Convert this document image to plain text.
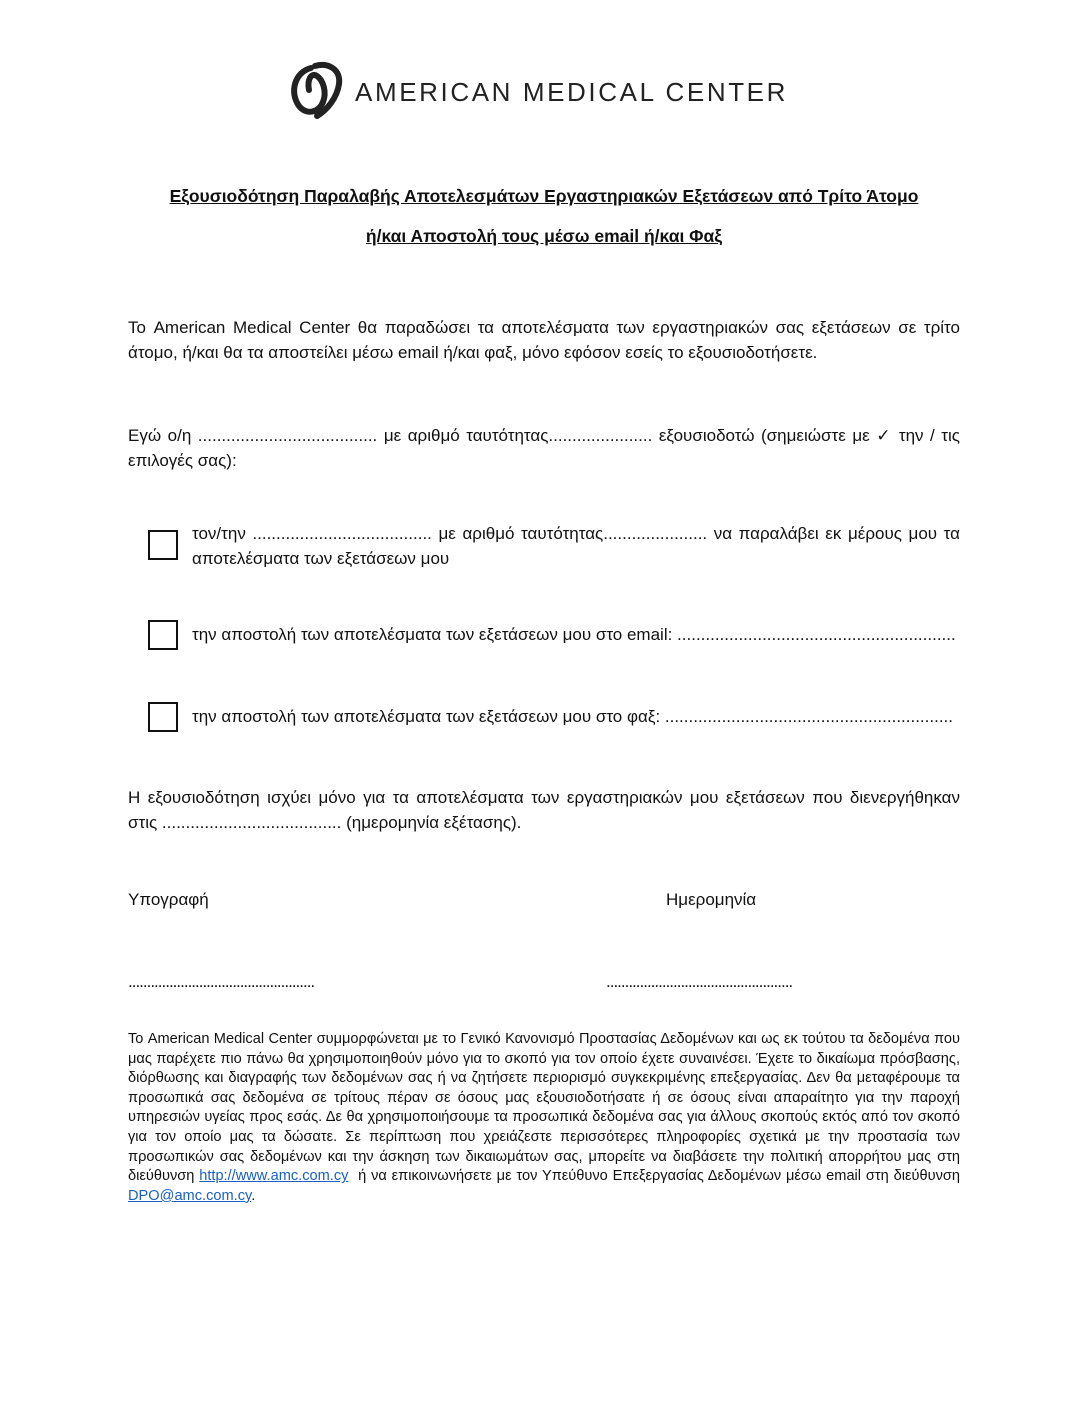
AMERICAN MEDICAL CENTER
Εξουσιοδότηση Παραλαβής Αποτελεσμάτων Εργαστηριακών Εξετάσεων από Τρίτο Άτομο
ή/και Αποστολή τους μέσω email ή/και Φαξ
Το American Medical Center θα παραδώσει τα αποτελέσματα των εργαστηριακών σας εξετάσεων σε τρίτο άτομο, ή/και θα τα αποστείλει μέσω email ή/και φαξ, μόνο εφόσον εσείς το εξουσιοδοτήσετε.
Εγώ ο/η ...................................... με αριθμό ταυτότητας...................... εξουσιοδοτώ (σημειώστε με ✓ την / τις επιλογές σας):
τον/την ...................................... με αριθμό ταυτότητας...................... να παραλάβει εκ μέρους μου τα αποτελέσματα των εξετάσεων μου
την αποστολή των αποτελέσματα των εξετάσεων μου στο email: ...........................................................
την αποστολή των αποτελέσματα των εξετάσεων μου στο φαξ: .............................................................
Η εξουσιοδότηση ισχύει μόνο για τα αποτελέσματα των εργαστηριακών μου εξετάσεων που διενεργήθηκαν στις ...................................... (ημερομηνία εξέτασης).
Υπογραφή	Ημερομηνία
..................................................	..................................................
Το American Medical Center συμμορφώνεται με το Γενικό Κανονισμό Προστασίας Δεδομένων και ως εκ τούτου τα δεδομένα που μας παρέχετε πιο πάνω θα χρησιμοποιηθούν μόνο για το σκοπό για τον οποίο έχετε συναινέσει. Έχετε το δικαίωμα πρόσβασης, διόρθωσης και διαγραφής των δεδομένων σας ή να ζητήσετε περιορισμό συγκεκριμένης επεξεργασίας. Δεν θα μεταφέρουμε τα προσωπικά σας δεδομένα σε τρίτους πέραν σε όσους μας εξουσιοδοτήσατε ή σε όσους είναι απαραίτητο για την παροχή υπηρεσιών υγείας προς εσάς. Δε θα χρησιμοποιήσουμε τα προσωπικά δεδομένα σας για άλλους σκοπούς εκτός από τον σκοπό για τον οποίο μας τα δώσατε. Σε περίπτωση που χρειάζεστε περισσότερες πληροφορίες σχετικά με την προστασία των προσωπικών σας δεδομένων και την άσκηση των δικαιωμάτων σας, μπορείτε να διαβάσετε την πολιτική απορρήτου μας στη διεύθυνση http://www.amc.com.cy ή να επικοινωνήσετε με τον Υπεύθυνο Επεξεργασίας Δεδομένων μέσω email στη διεύθυνση DPO@amc.com.cy.
